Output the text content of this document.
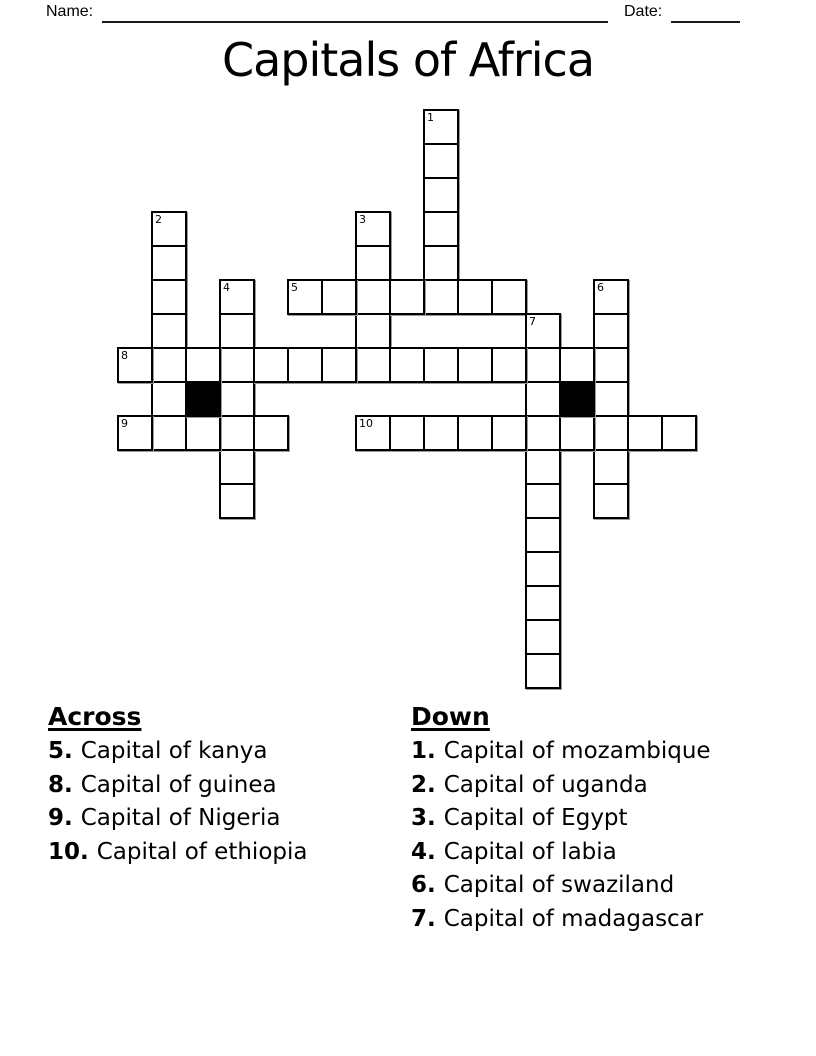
Name:	Date:
Capitals of Africa
1
2	3
4	5	6
7
8
9	10
Across
5. Capital of kanya
8. Capital of guinea
9. Capital of Nigeria
10. Capital of ethiopia
Down
1. Capital of mozambique
2. Capital of uganda
3. Capital of Egypt
4. Capital of labia
6. Capital of swaziland
7. Capital of madagascar
